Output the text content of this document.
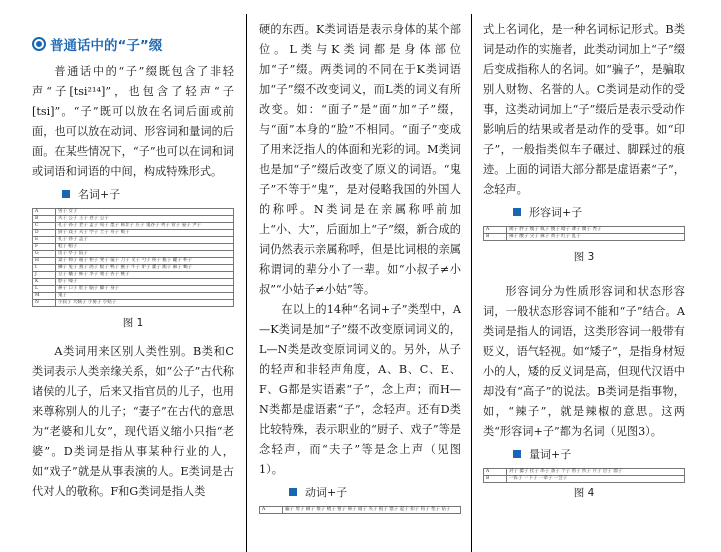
普通话中的“子”缀

普通话中的“子”缀既包含了非轻声“子[tsi²¹⁴]”，也包含了轻声“子[tsi]”。“子”既可以放在名词后面或前面，也可以放在动词、形容词和量词的后面。在某些情况下，“子”也可以在词和词或词语和词语的中间，构成特殊形式。

名词+子
A	男子 女子
B	夫子 公子 王子 君子 公子
C	孔子 孙子 老子 孟子 荀子 墨子 韩非子 庄子 鬼谷子 列子 管子 晏子 尹子
D	厨子 戏子 夫子 学子 士子 舟子 贩子
E	孔子 孙子 孟子
F	鞋子 帽子
G	房子 亭子 院子
H	桌子 椅子 箱子 柜子 凳子 镜子 刀子 叉子 勺子 筷子 瓶子 罐子 杯子
I	狮子 兔子 燕子 鸽子 蚊子 鸭子 猴子 牛子 驴子 骡子 鹞子 麻子 蝎子
J	豆子 橘子 柿子 李子 栗子 杏子 桃子
K	脖子 嗓子
L	鼻子 口子 肚子 脑子 脚子 身子
M	鬼子
N	小叔子 大姨子 小舅子 小姑子
图 1

A类词用来区别人类性别。B类和C类词表示人类亲缘关系，如“公子”古代称诸侯的儿子，后来又指官员的儿子，也用来尊称别人的儿子；“妻子”在古代的意思为“老婆和儿女”，现代语义缩小只指“老婆”。D类词是指从事某种行业的人，如“戏子”就是从事表演的人。E类词是古代对人的敬称。F和G类词是指人类

硬的东西。K类词语是表示身体的某个部位。L类与K类词都是身体部位加“子”缀。两类词的不同在于K类词语加“子”缀不改变词义，而L类的词义有所改变。如：“面子”是“面”加“子”缀，与“面”本身的“脸”不相同。“面子”变成了用来泛指人的体面和光彩的词。M类词也是加“子”缀后改变了原义的词语。“鬼子”不等于“鬼”，是对侵略我国的外国人的称呼。N类词是在亲属称呼前加上“小、大”，后面加上“子”缀，新合成的词仍然表示亲属称呼，但是比词根的亲属称谓词的辈分小了一辈。如“小叔子≠小叔”“小姑子≠小姑”等。

在以上的14种“名词+子”类型中，A—K类词是加“子”缀不改变原词词义的，L—N类是改变原词词义的。另外，从子的轻声和非轻声角度，A、B、C、E、F、G都是实语素“子”，念上声；而H—N类都是虚语素“子”，念轻声。还有D类比较特殊，表示职业的“厨子、戏子”等是念轻声，而“夫子”等是念上声（见图1）。

动词+子
A	骗子 剪子 刷子 推子 梳子 钳子 筛子 锯子 夹子 扳子 塞子 起子 扣子 钩子 垫子 钻子

式上名词化，是一种名词标记形式。B类词是动作的实施者，此类动词加上“子”缀后变成指称人的名词。如“骗子”，是骗取别人财物、名誉的人。C类词是动作的受事，这类动词加上“子”缀后是表示受动作影响后的结果或者是动作的受事。如“印子”，一般指类似车子碾过、脚踩过的痕迹。上面的词语大部分都是虚语素“子”，念轻声。

形容词+子
A	矮子 胖子 瘦子 疯子 傻子 瞎子 聋子 瘸子 秃子
B	辣子 酸子 尖子 麻子 黄子 红子 乱子
图 3

形容词分为性质形容词和状态形容词，一般状态形容词不能和“子”结合。A类词是指人的词语，这类形容词一般带有贬义，语气轻视。如“矮子”，是指身材短小的人，矮的反义词是高，但现代汉语中却没有“高子”的说法。B类词是指事物，如，“辣子”，就是辣椒的意思。这两类“形容词+子”都为名词（见图3）。

量词+子
A	对子 摞子 挂子 串子 条子 个子 帮子 伙子 片子 层子 溜子
B	一阵子 一下子 一辈子 一会子
图 4
